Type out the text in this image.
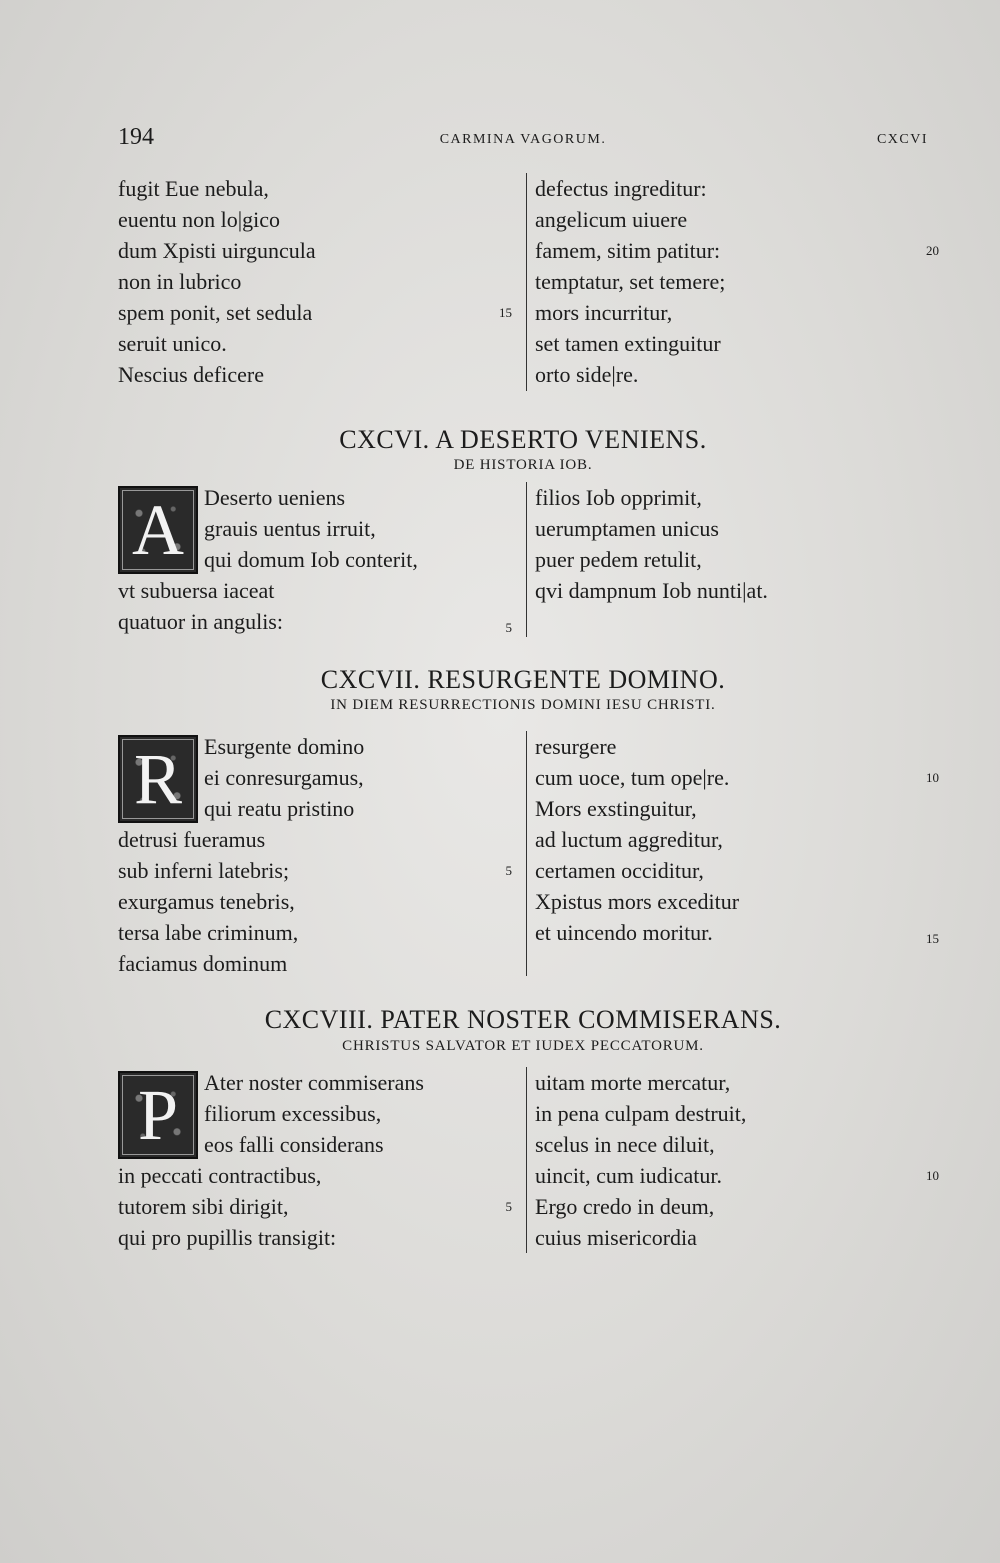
194	CARMINA VAGORUM.	CXCVI
fugit Eue nebula,
euentu non lo|gico
dum Xpisti uirguncula
non in lubrico
spem ponit, set sedula	15
seruit unico.
Nescius deficere
defectus ingreditur:
angelicum uiuere
famem, sitim patitur:	20
temptatur, set temere;
mors incurritur,
set tamen extinguitur
orto side|re.
CXCVI. A DESERTO VENIENS.
DE HISTORIA IOB.
A Deserto ueniens
grauis uentus irruit,
qui domum Iob conterit,
vt subuersa iaceat
quatuor in angulis:	5
filios Iob opprimit,
uerumptamen unicus
puer pedem retulit,
qvi dampnum Iob nunti|at.
CXCVII. RESURGENTE DOMINO.
IN DIEM RESURRECTIONIS DOMINI IESU CHRISTI.
R Esurgente domino
ei conresurgamus,
qui reatu pristino
detrusi fueramus
sub inferni latebris;	5
exurgamus tenebris,
tersa labe criminum,
faciamus dominum
resurgere
cum uoce, tum ope|re.	10
Mors exstinguitur,
ad luctum aggreditur,
certamen occiditur,
Xpistus mors exceditur
et uincendo moritur.	15
CXCVIII. PATER NOSTER COMMISERANS.
CHRISTUS SALVATOR ET IUDEX PECCATORUM.
P	Ater noster commiserans
filiorum excessibus,
eos falli considerans
in peccati contractibus,
tutorem sibi dirigit,	5
qui pro pupillis transigit:
uitam morte mercatur,
in pena culpam destruit,
scelus in nece diluit,
uincit, cum iudicatur.	10
Ergo credo in deum,
cuius misericordia
